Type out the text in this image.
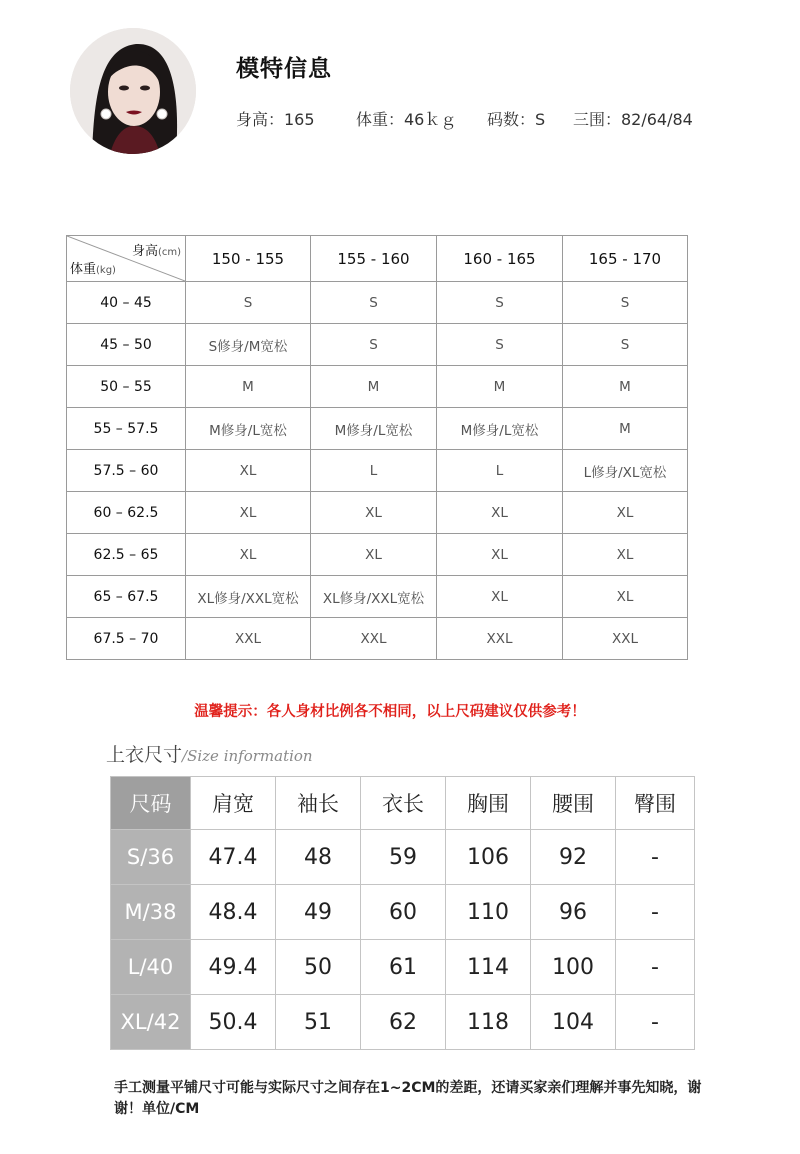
模特信息
身高：165	体重：46ｋｇ 码数：S 三围：82/64/84
身高(cm)
体重(kg)	150 - 155	155 - 160	160 - 165	165 - 170
40 – 45	S	S	S	S
45 – 50	S修身/M宽松	S	S	S
50 – 55	M	M	M	M
55 – 57.5	M修身/L宽松	M修身/L宽松	M修身/L宽松	M
57.5 – 60	XL	L	L	L修身/XL宽松
60 – 62.5	XL	XL	XL	XL
62.5 – 65	XL	XL	XL	XL
65 – 67.5	XL修身/XXL宽松	XL修身/XXL宽松	XL	XL
67.5 – 70	XXL	XXL	XXL	XXL
温馨提示：各人身材比例各不相同，以上尺码建议仅供参考！
上衣尺寸/Size information
尺码	肩宽	袖长	衣长	胸围	腰围	臀围
S/36	47.4	48	59	106	92	-
M/38	48.4	49	60	110	96	-
L/40	49.4	50	61	114	100	-
XL/42	50.4	51	62	118	104	-
手工测量平铺尺寸可能与实际尺寸之间存在1~2CM的差距，还请买家亲们理解并事先知晓，谢谢！单位/CM
